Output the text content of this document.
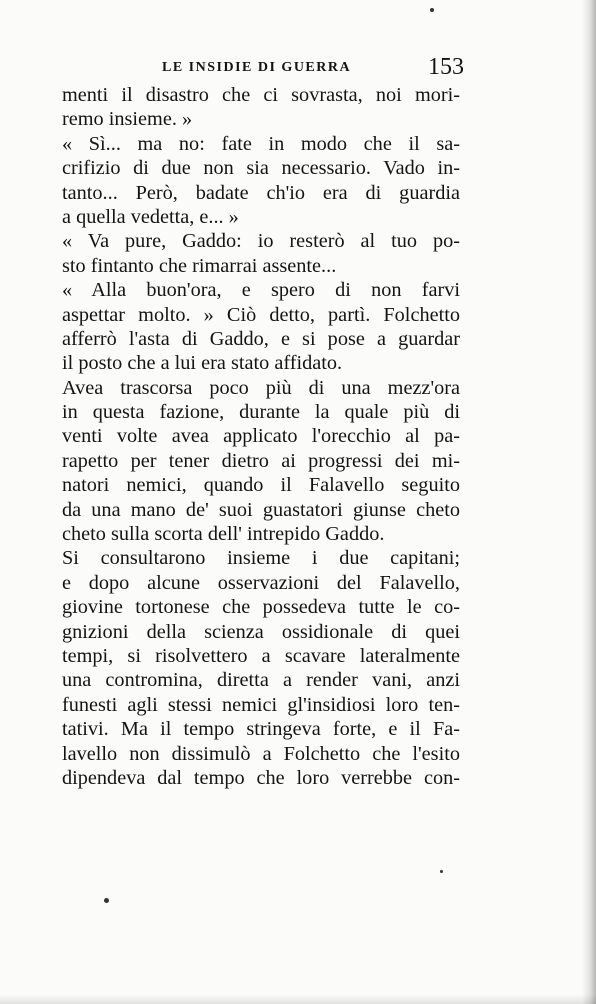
LE INSIDIE DI GUERRA	153
menti il disastro che ci sovrasta, noi mori-
remo insieme. »
« Sì... ma no: fate in modo che il sa-
crifizio di due non sia necessario. Vado in-
tanto... Però, badate ch'io era di guardia
a quella vedetta, e... »
« Va pure, Gaddo: io resterò al tuo po-
sto fintanto che rimarrai assente...
« Alla buon'ora, e spero di non farvi
aspettar molto. » Ciò detto, partì. Folchetto
afferrò l'asta di Gaddo, e si pose a guardar
il posto che a lui era stato affidato.
Avea trascorsa poco più di una mezz'ora
in questa fazione, durante la quale più di
venti volte avea applicato l'orecchio al pa-
rapetto per tener dietro ai progressi dei mi-
natori nemici, quando il Falavello seguito
da una mano de' suoi guastatori giunse cheto
cheto sulla scorta dell' intrepido Gaddo.
Si consultarono insieme i due capitani;
e dopo alcune osservazioni del Falavello,
giovine tortonese che possedeva tutte le co-
gnizioni della scienza ossidionale di quei
tempi, si risolvettero a scavare lateralmente
una contromina, diretta a render vani, anzi
funesti agli stessi nemici gl'insidiosi loro ten-
tativi. Ma il tempo stringeva forte, e il Fa-
lavello non dissimulò a Folchetto che l'esito
dipendeva dal tempo che loro verrebbe con-
